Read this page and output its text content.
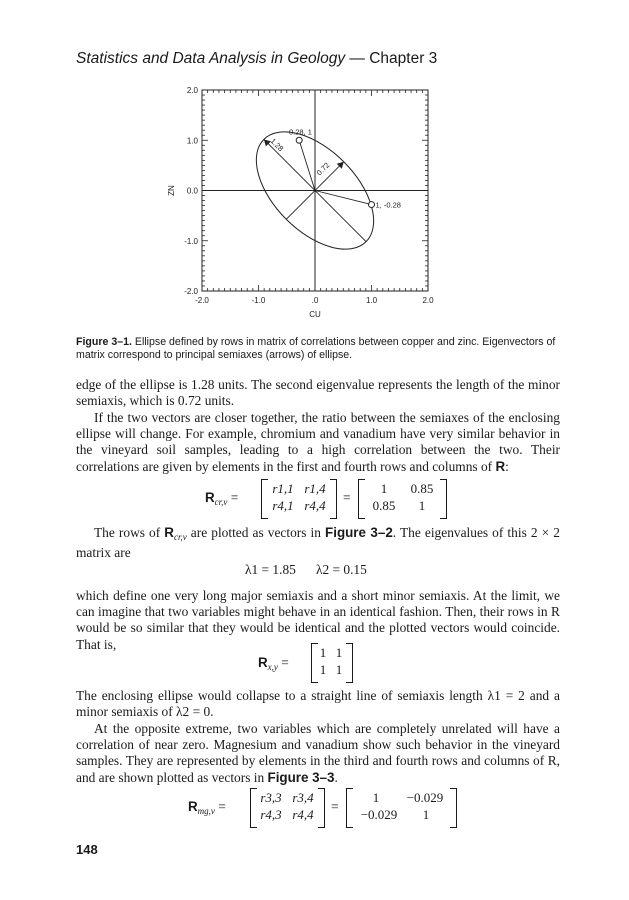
Statistics and Data Analysis in Geology — Chapter 3
-2.0	-1.0	.0	1.0	2.0
2.0
1.0
0.0
-1.0
-2.0
CU
ZN
-0.28, 1
1, -0.28
1.28
0.72
Figure 3–1. Ellipse defined by rows in matrix of correlations between copper and zinc. Eigenvectors of matrix correspond to principal semiaxes (arrows) of ellipse.
edge of the ellipse is 1.28 units. The second eigenvalue represents the length of the minor semiaxis, which is 0.72 units.
If the two vectors are closer together, the ratio between the semiaxes of the enclosing ellipse will change. For example, chromium and vanadium have very similar behavior in the vineyard soil samples, leading to a high correlation between the two. Their correlations are given by elements in the first and fourth rows and columns of R:
$R_{cr,v}$ =
r1,1 r1,4
r4,1 r4,4
=
1	0.85
0.85	1
The rows of $R_{cr,v}$ are plotted as vectors in Figure 3–2. The eigenvalues of this 2 × 2 matrix are
λ1 = 1.85      λ2 = 0.15
which define one very long major semiaxis and a short minor semiaxis. At the limit, we can imagine that two variables might behave in an identical fashion. Then, their rows in R would be so similar that they would be identical and the plotted vectors would coincide. That is,
$R_{x,y}$ =
1 1
1 1
The enclosing ellipse would collapse to a straight line of semiaxis length λ1 = 2 and a minor semiaxis of λ2 = 0.
At the opposite extreme, two variables which are completely unrelated will have a correlation of near zero. Magnesium and vanadium show such behavior in the vineyard samples. They are represented by elements in the third and fourth rows and columns of R, and are shown plotted as vectors in Figure 3–3.
$R_{mg,v}$ =
r3,3 r3,4
r4,3 r4,4
=
1	−0.029
−0.029	1
148
